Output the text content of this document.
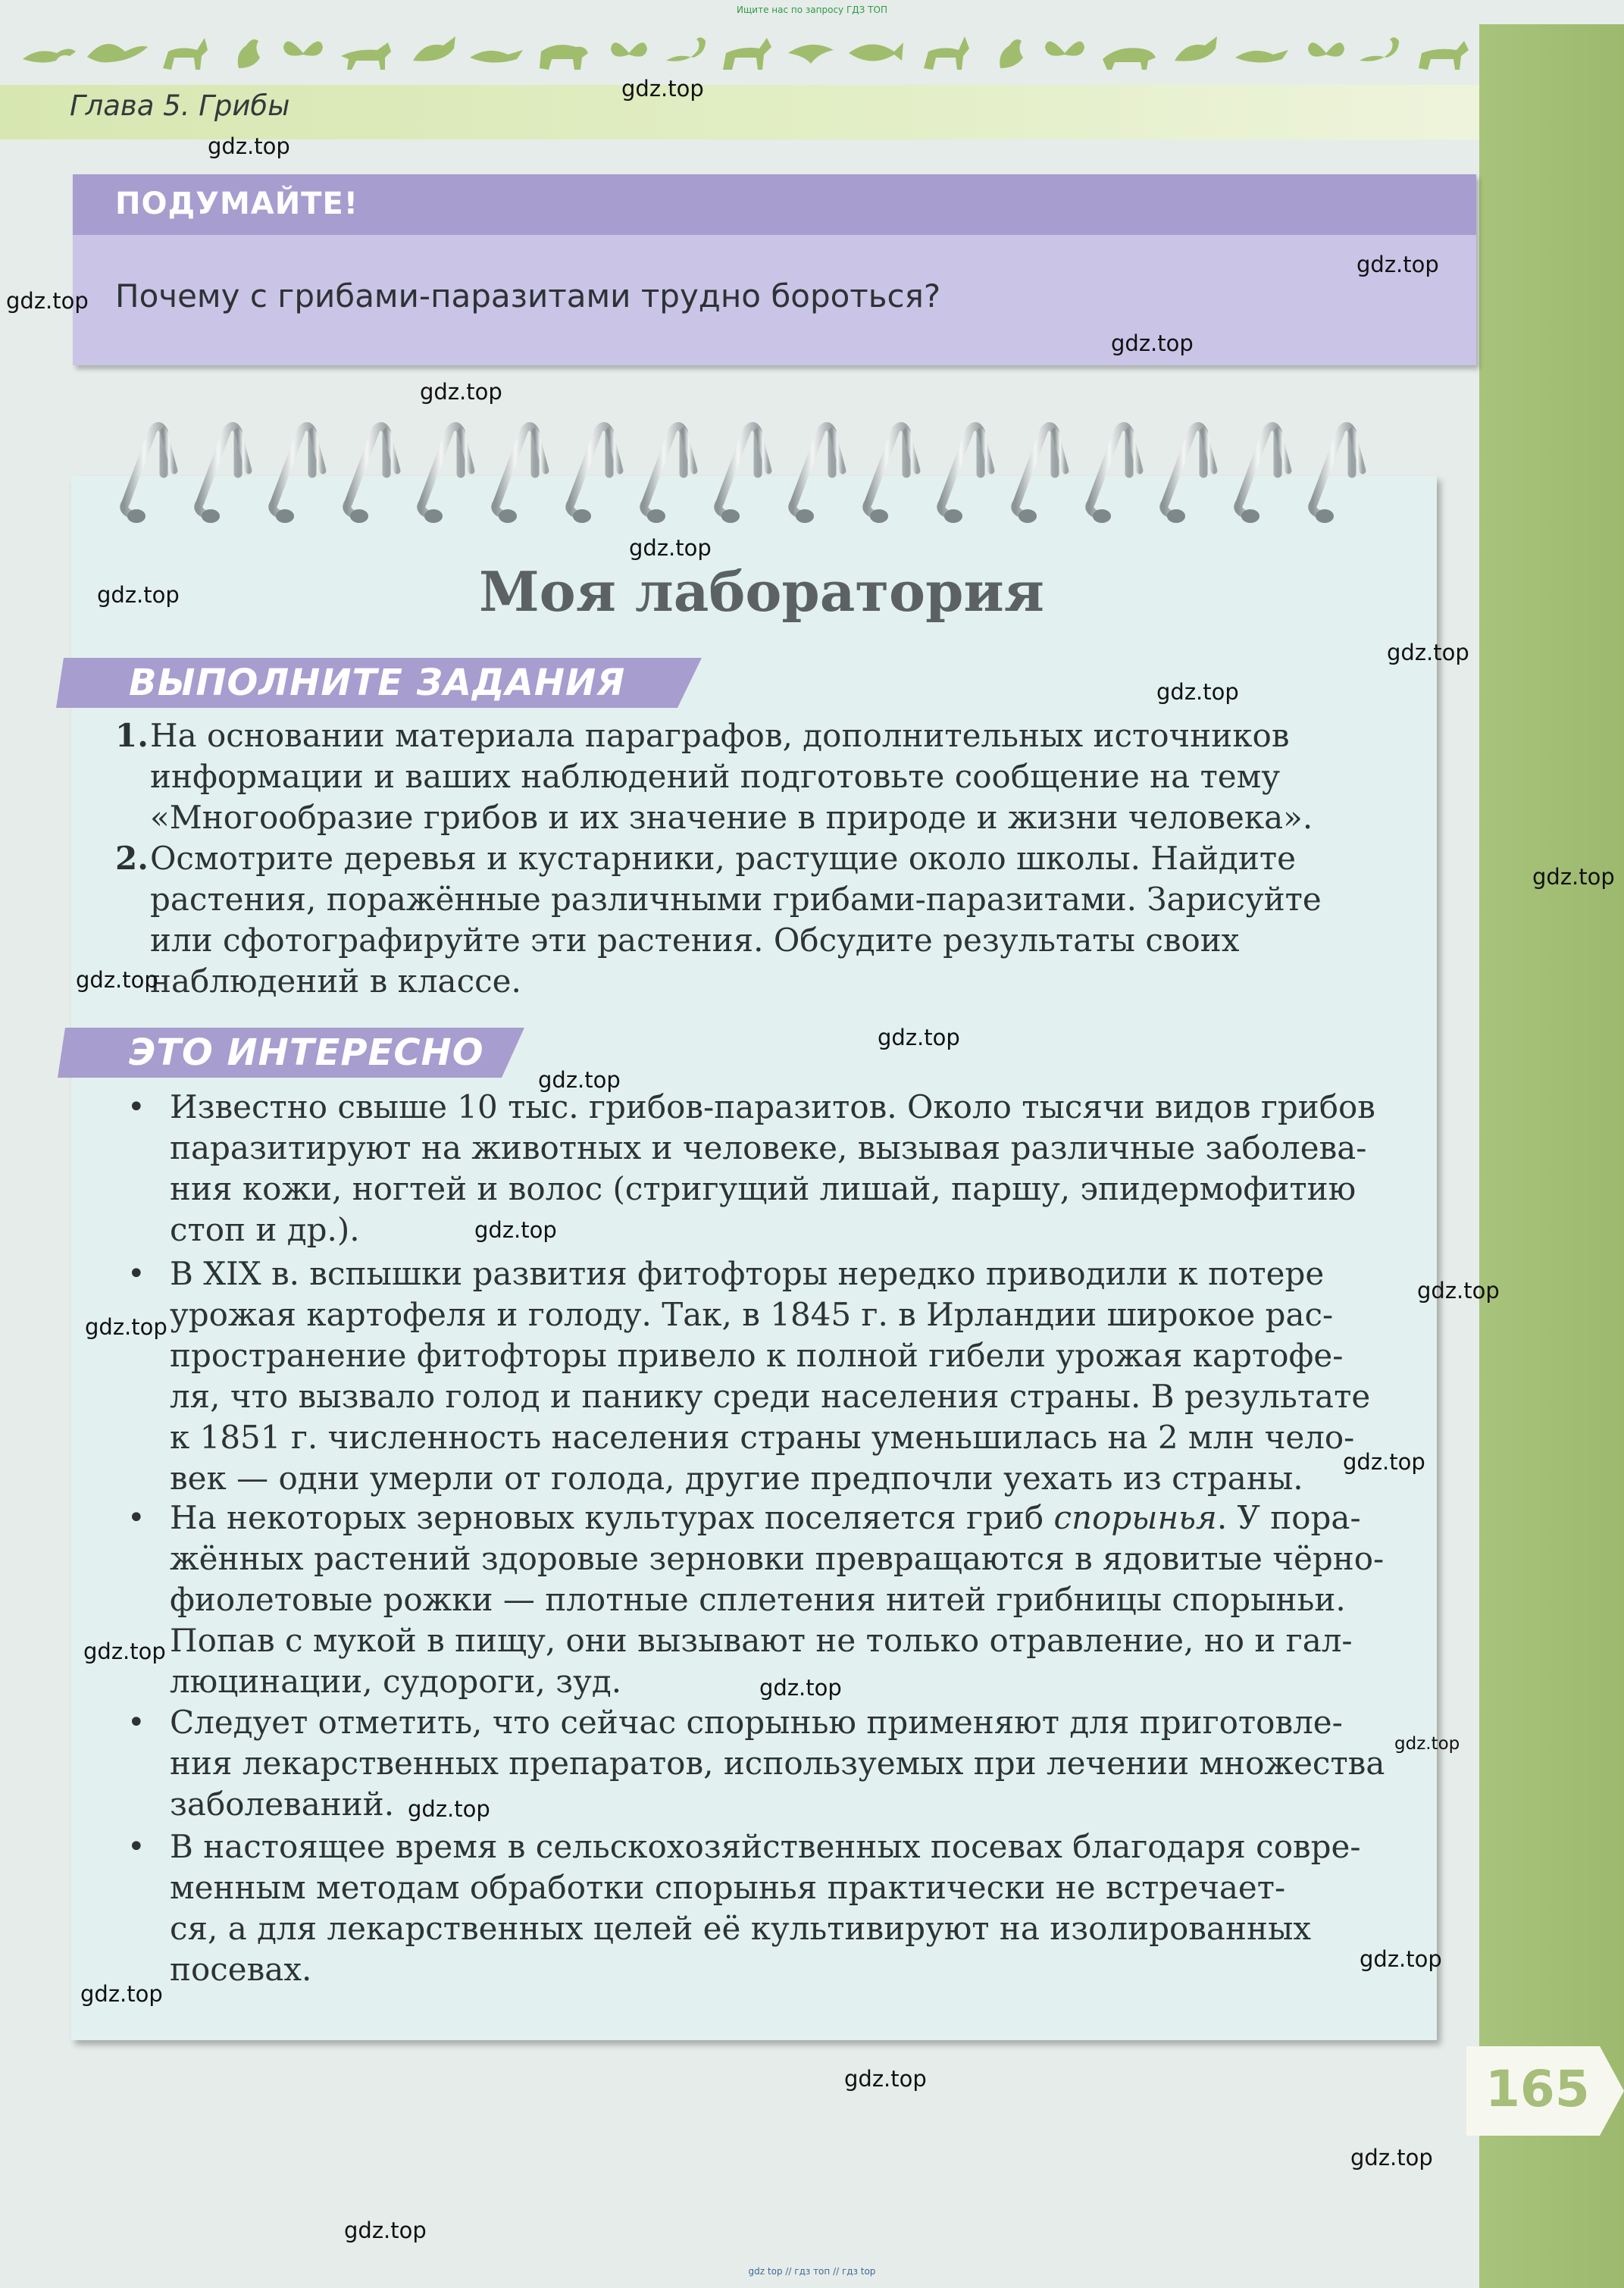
Ищите нас по запросу ГДЗ ТОП
Глава 5. Грибы
ПОДУМАЙТЕ!
Почему с грибами-паразитами трудно бороться?
Моя лаборатория
ВЫПОЛНИТЕ ЗАДАНИЯ
1. На основании материала параграфов, дополнительных источников
информации и ваших наблюдений подготовьте сообщение на тему
«Многообразие грибов и их значение в природе и жизни человека».
2. Осмотрите деревья и кустарники, растущие около школы. Найдите
растения, поражённые различными грибами-паразитами. Зарисуйте
или сфотографируйте эти растения. Обсудите результаты своих
наблюдений в классе.
ЭТО ИНТЕРЕСНО
• Известно свыше 10 тыс. грибов-паразитов. Около тысячи видов грибов
паразитируют на животных и человеке, вызывая различные заболева-
ния кожи, ногтей и волос (стригущий лишай, паршу, эпидермофитию
стоп и др.).
• В XIX в. вспышки развития фитофторы нередко приводили к потере
урожая картофеля и голоду. Так, в 1845 г. в Ирландии широкое рас-
пространение фитофторы привело к полной гибели урожая картофе-
ля, что вызвало голод и панику среди населения страны. В результате
к 1851 г. численность населения страны уменьшилась на 2 млн чело-
век — одни умерли от голода, другие предпочли уехать из страны.
• На некоторых зерновых культурах поселяется гриб спорынья. У пора-
жённых растений здоровые зерновки превращаются в ядовитые чёрно-
фиолетовые рожки — плотные сплетения нитей грибницы спорыньи.
Попав с мукой в пищу, они вызывают не только отравление, но и гал-
люцинации, судороги, зуд.
• Следует отметить, что сейчас спорынью применяют для приготовле-
ния лекарственных препаратов, используемых при лечении множества
заболеваний.
• В настоящее время в сельскохозяйственных посевах благодаря совре-
менным методам обработки спорынья практически не встречает-
ся, а для лекарственных целей её культивируют на изолированных
посевах.
165
gdz.top
gdz.top
gdz.top
gdz.top
gdz.top
gdz.top
gdz.top
gdz.top
gdz.top
gdz.top
gdz.top
gdz.top
gdz.top
gdz.top
gdz.top
gdz.top
gdz.top
gdz.top
gdz.top
gdz.top
gdz.top
gdz.top
gdz.top
gdz.top
gdz.top
gdz.top
gdz.top
gdz top // гдз топ // гдз top
